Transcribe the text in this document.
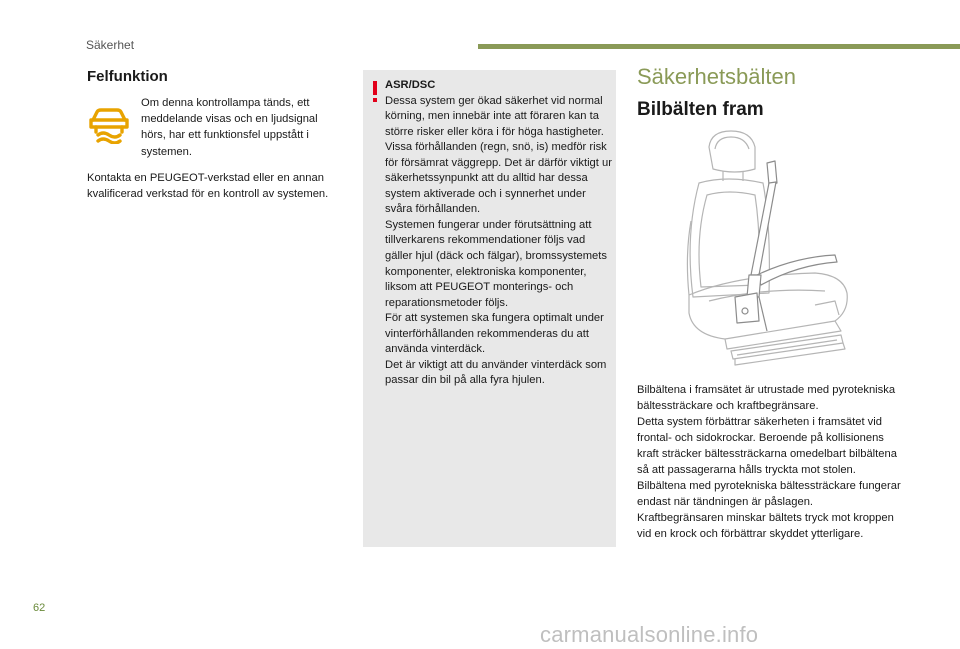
Säkerhet
Felfunktion
Om denna kontrollampa tänds, ett meddelande visas och en ljudsignal hörs, har ett funktionsfel uppstått i systemen.
Kontakta en PEUGEOT-verkstad eller en annan kvalificerad verkstad för en kontroll av systemen.
ASR/DSC

Dessa system ger ökad säkerhet vid normal körning, men innebär inte att föraren kan ta större risker eller köra i för höga hastigheter.

Vissa förhållanden (regn, snö, is) medför risk för försämrat väggrepp. Det är därför viktigt ur säkerhetssynpunkt att du alltid har dessa system aktiverade och i synnerhet under svåra förhållanden.

Systemen fungerar under förutsättning att tillverkarens rekommendationer följs vad gäller hjul (däck och fälgar), bromssystemets komponenter, elektroniska komponenter, liksom att PEUGEOT monterings- och reparationsmetoder följs.

För att systemen ska fungera optimalt under vinterförhållanden rekommenderas du att använda vinterdäck.

Det är viktigt att du använder vinterdäck som passar din bil på alla fyra hjulen.

Säkerhetsbälten
Bilbälten fram

Bilbältena i framsätet är utrustade med pyrotekniska bältessträckare och kraftbegränsare.

Detta system förbättrar säkerheten i framsätet vid frontal- och sidokrockar. Beroende på kollisionens kraft sträcker bältessträckarna omedelbart bilbältena så att passagerarna hålls tryckta mot stolen.

Bilbältena med pyrotekniska bältessträckare fungerar endast när tändningen är påslagen.

Kraftbegränsaren minskar bältets tryck mot kroppen vid en krock och förbättrar skyddet ytterligare.

62
carmanualsonline.info
